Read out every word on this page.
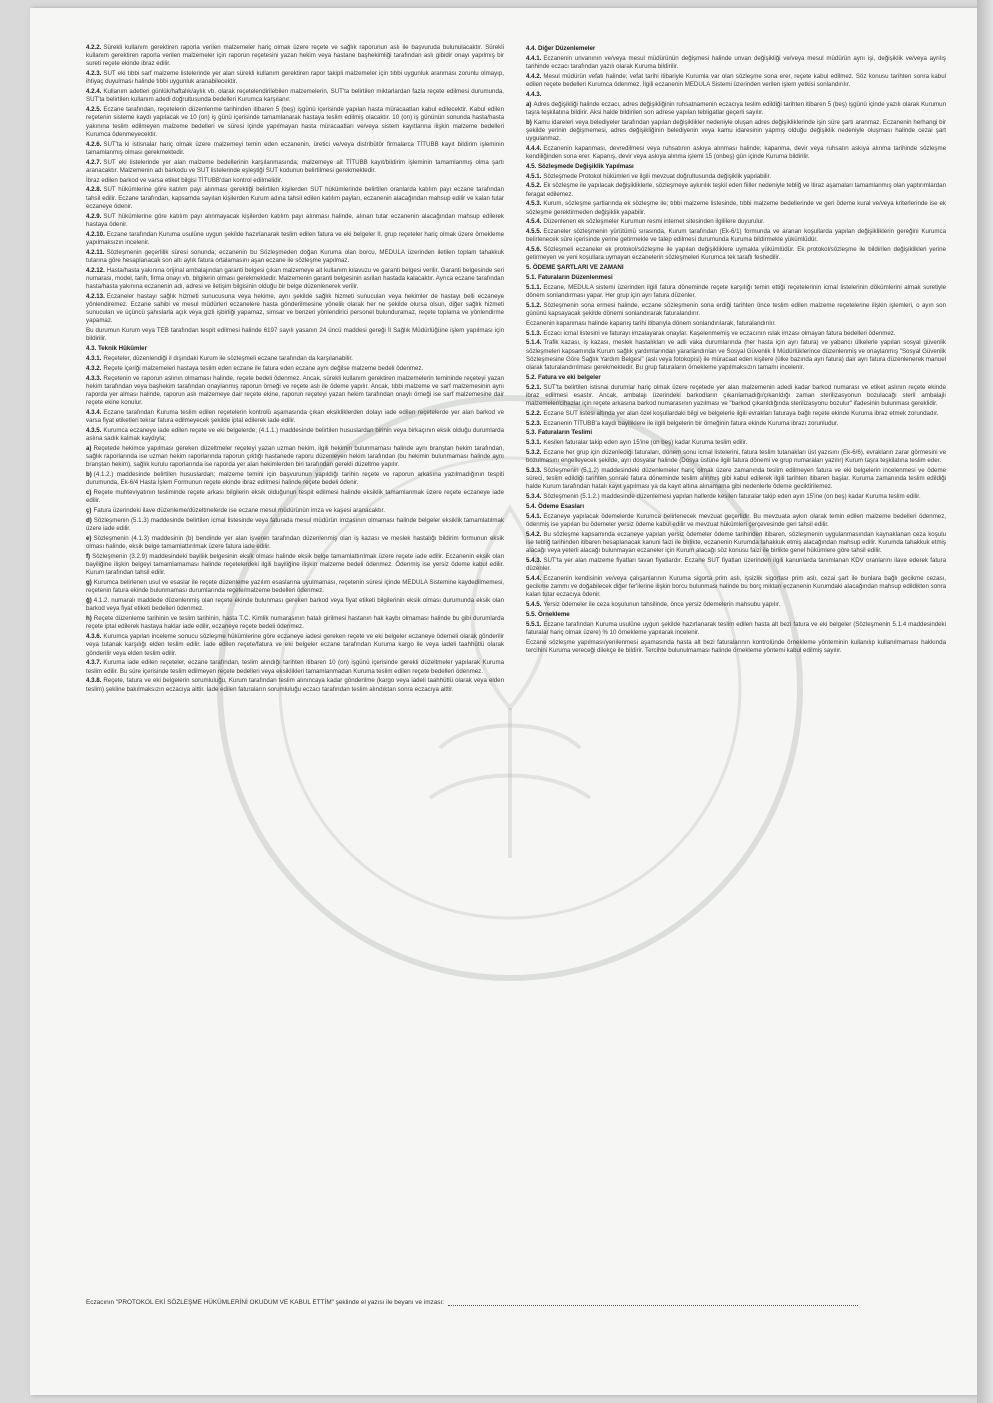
4.2.2. Sürekli kullanım gerektiren raporla verilen malzemeler hariç olmak üzere reçete ve sağlık raporunun aslı ile başvuruda bulunulacaktır. Sürekli kullanım gerektiren raporla verilen malzemeler için raporun reçetesini yazan hekim veya hastane başhekimliği tarafından aslı gibidir onayı yapılmış bir sureti reçete ekinde ibraz edilir.

4.2.3. SUT eki tıbbi sarf malzeme listelerinde yer alan sürekli kullanım gerektiren rapor takipli malzemeler için tıbbi uygunluk aranması zorunlu olmayıp, ihtiyaç duyulması halinde tıbbi uygunluk aranabilecektir.

4.2.4. Kullanım adetleri günlük/haftalık/aylık vb. olarak reçetelendirilebilen malzemelerin, SUT'ta belirtilen miktarlardan fazla reçete edilmesi durumunda, SUT'ta belirtilen kullanım adedi doğrultusunda bedelleri Kurumca karşılanır.

4.2.5. Eczane tarafından, reçetelerin düzenlenme tarihinden itibaren 5 (beş) işgünü içerisinde yapılan hasta müracaatları kabul edilecektir. Kabul edilen reçetenin sisteme kaydı yapılacak ve 10 (on) iş günü içerisinde tamamlanarak hastaya teslim edilmiş olacaktır. 10 (on) iş gününün sonunda hasta/hasta yakınına teslim edilmeyen malzeme bedelleri ve süresi içinde yapılmayan hasta müracaatları ve/veya sistem kayıtlarına ilişkin malzeme bedelleri Kurumca ödenmeyecektir.

4.2.6. SUT'ta ki istisnalar hariç olmak üzere malzemeyi temin eden eczanenin, üretici ve/veya distribütör firmalarca TİTUBB kayıt bildirim işleminin tamamlanmış olması gerekmektedir.

4.2.7. SUT eki listelerinde yer alan malzeme bedellerinin karşılanmasında; malzemeye ait TİTUBB kayıt/bildirim işleminin tamamlanmış olma şartı aranacaktır. Malzemenin adı barkodu ve SUT listelerinde eşleştiği SUT kodunun belirtilmesi gerekmektedir.

İbraz edilen barkod ve varsa etiket bilgisi TİTUBB'dan kontrol edilmelidir.

4.2.8. SUT hükümlerine göre katılım payı alınması gerektiği belirtilen kişilerden SUT hükümlerinde belirtilen oranlarda katılım payı eczane tarafından tahsil edilir. Eczane tarafından, kapsamda sayılan kişilerden Kurum adına tahsil edilen katılım payları, eczanenin alacağından mahsup edilir ve kalan tutar eczaneye ödenir.

4.2.9. SUT hükümlerine göre katılım payı alınmayacak kişilerden katılım payı alınması halinde, alınan tutar eczanenin alacağından mahsup edilerek hastaya ödenir.

4.2.10. Eczane tarafından Kuruma usulüne uygun şekilde hazırlanarak teslim edilen fatura ve eki belgeler II. grup reçeteler hariç olmak üzere örnekleme yapılmaksızın incelenir.

4.2.11. Sözleşmenin geçerlilik süresi sonunda; eczanenin bu Sözleşmeden doğan Kuruma olan borcu, MEDULA üzerinden iletilen toplam tahakkuk tutarına göre hesaplanacak son altı aylık fatura ortalamasını aşan eczane ile sözleşme yapılmaz.

4.2.12. Hasta/hasta yakınına orijinal ambalajından garanti belgesi çıkan malzemeye ait kullanım kılavuzu ve garanti belgesi verilir. Garanti belgesinde seri numarası, model, tarih, firma onayı vb. bilgilerin olması gerekmektedir. Malzemenin garanti belgesinin asılları hastada kalacaktır. Ayrıca eczane tarafından hasta/hasta yakınına eczanenin adı, adresi ve iletişim bilgisinin olduğu bir belge düzenlenerek verilir.

4.2.13. Eczaneler hastayı sağlık hizmeti sunucusuna veya hekime, aynı şekilde sağlık hizmeti sunucuları veya hekimler de hastayı belli eczaneye yönlendiremez. Eczane sahibi ve mesul müdürleri eczanelere hasta gönderilmesine yönelik olarak her ne şekilde olursa olsun, diğer sağlık hizmeti sunucuları ve üçüncü şahıslarla açık veya gizli işbirliği yapamaz, simsar ve benzeri yönlendirici personel bulunduramaz, reçete toplama ve yönlendirme yapamaz.

Bu durumun Kurum veya TEB tarafından tespit edilmesi halinde 6197 sayılı yasanın 24 üncü maddesi gereği İl Sağlık Müdürlüğüne işlem yapılması için bildirilir.

4.3. Teknik Hükümler

4.3.1. Reçeteler, düzenlendiği il dışındaki Kurum ile sözleşmeli eczane tarafından da karşılanabilir.

4.3.2. Reçete içeriği malzemeleri hastaya teslim eden eczane ile fatura eden eczane aynı değilse malzeme bedeli ödenmez.

4.3.3. Reçetenin ve raporun aslının olmaması halinde, reçete bedeli ödenmez. Ancak, sürekli kullanım gerektiren malzemelerin temininde reçeteyi yazan hekim tarafından veya başhekim tarafından onaylanmış raporun örneği ve reçete aslı ile ödeme yapılır. Ancak, tıbbi malzeme ve sarf malzemesinin aynı raporda yer alması halinde, raporun aslı malzemeye dair reçete ekine, raporun reçeteyi yazan hekim tarafından onaylı örneği ise sarf malzemesine dair reçete ekine konulur.

4.3.4. Eczane tarafından Kuruma teslim edilen reçetelerin kontrolü aşamasında çıkan eksikliklerden dolayı iade edilen reçetelerde yer alan barkod ve varsa fiyat etiketleri tekrar fatura edilmeyecek şekilde iptal edilerek iade edilir.

4.3.5. Kurumca eczaneye iade edilen reçete ve eki belgelerde; (4.1.1.) maddesinde belirtilen hususlardan birinin veya birkaçının eksik olduğu durumlarda aslına sadık kalmak kaydıyla;

a) Reçetede hekimce yapılması gereken düzeltmeler reçeteyi yazan uzman hekim, ilgili hekimin bulunmaması halinde aynı branştan hekim tarafından, sağlık raporlarında ise uzman hekim raporlarında raporun çıktığı hastanede raporu düzenleyen hekim tarafından (bu hekimin bulunmaması halinde aynı branştan hekim), sağlık kurulu raporlarında ise raporda yer alan hekimlerden biri tarafından gerekli düzeltme yapılır.

b) (4.1.2.) maddesinde belirtilen hususlardan; malzeme temini için başvurunun yapıldığı tarihin reçete ve raporun arkasına yazılmadığının tespiti durumunda, Ek-6/4 Hasta İşlem Formunun reçete ekinde ibraz edilmesi halinde reçete bedeli ödenir.

c) Reçete muhteviyatının tesliminde reçete arkası bilgilerin eksik olduğunun tespit edilmesi halinde eksiklik tamamlanmak üzere reçete eczaneye iade edilir.

ç) Fatura üzerindeki ilave düzenleme/düzeltmelerde ise eczane mesul müdürünün imza ve kaşesi aranacaktır.

d) Sözleşmenin (5.1.3) maddesinde belirtilen icmal listesinde veya faturada mesul müdürün imzasının olmaması halinde belgeler eksiklik tamamlatılmak üzere iade edilir.

e) Sözleşmenin (4.1.3) maddesinin (b) bendinde yer alan işveren tarafından düzenlenmiş olan iş kazası ve meslek hastalığı bildirim formunun eksik olması halinde, eksik belge tamamlattırılmak üzere fatura iade edilir.

f) Sözleşmenin (3.2.9) maddesindeki bayiliik belgesinin eksik olması halinde eksik belge tamamlattırılmak üzere reçete iade edilir. Eczanenin eksik olan bayiliğine ilişkin belgeyi tamamlamaması halinde reçetelerdeki ilgili bayiliğine ilişkin malzeme bedeli ödenmez. Ödenmiş ise yersiz ödeme kabul edilir. Kurum tarafından tahsil edilir.

g) Kurumca belirlenen usul ve esaslar ile reçete düzenleme yazılım esaslarına uyulmaması, reçetenin süresi içinde MEDULA Sistemine kaydedilmemesi, reçetenin fatura ekinde bulunmaması durumlarında reçete/malzeme bedelleri ödenmez.

ğ) 4.1.2. numaralı maddede düzenlenmiş olan reçete ekinde bulunması gereken barkod veya fiyat etiketi bilgilerinin eksik olması durumunda eksik olan barkod veya fiyat etiketi bedelleri ödenmez.

h) Reçete düzenleme tarihinin ve teslim tarihinin, hasta T.C. Kimlik numarasının hatalı girilmesi hastanın hak kaybı olmaması halinde bu gibi durumlarda reçete iptal edilerek hastaya haklar iade edilir, eczaneye reçete bedeli ödenmez.

4.3.6. Kurumca yapılan inceleme sonucu sözleşme hükümlerine göre eczaneye iadesi gereken reçete ve eki belgeler eczaneye ödemeli olarak gönderilir veya tutanak karşılığı elden teslim edilir. İade edilen reçete/fatura ve eki belgeler eczane tarafından Kuruma kargo ile veya iadeli taahhütlü olarak gönderilir veya elden teslim edilir.

4.3.7. Kuruma iade edilen reçeteler, eczane tarafından, teslim alındığı tarihten itibaren 10 (on) işgünü içerisinde gerekli düzeltmeler yapılarak Kuruma teslim edilir. Bu süre içerisinde teslim edilmeyen reçete bedelleri veya eksiklikleri tamamlanmadan Kuruma teslim edilen reçete bedelleri ödenmez.

4.3.8. Reçete, fatura ve eki belgelerin sorumluluğu, Kurum tarafından teslim alınıncaya kadar gönderilme (kargo veya iadeli taahhütlü olarak veya elden teslim) şekline bakılmaksızın eczacıya aittir. İade edilen faturaların sorumluluğu eczacı tarafından teslim alındıktan sonra eczacıya aittir.

4.4. Diğer Düzenlemeler

4.4.1. Eczanenin unvanının ve/veya mesul müdürünün değişmesi halinde unvan değişikliği ve/veya mesul müdürün aynı işi, değişiklik ve/veya ayrılış tarihinde eczacı tarafından yazılı olarak Kuruma bildirilir.

4.4.2. Mesul müdürün vefatı halinde; vefat tarihi itibariyle Kurumla var olan sözleşme sona erer, reçete kabul edilmez. Söz konusu tarihten sonra kabul edilen reçete bedelleri Kurumca ödenmez. İlgili eczanenin MEDULA Sistemi üzerinden verilen işlem yetkisi sonlandırılır.

4.4.3.

a) Adres değişikliği halinde eczacı, adres değişikliğinin ruhsatnamenin eczacıya teslim edildiği tarihten itibaren 5 (beş) işgünü içinde yazılı olarak Kurumun taşra teşkilatına bildirir. Aksi halde bildirilen son adrese yapılan tebligatlar geçerli sayılır.

b) Kamu idareleri veya belediyeler tarafından yapılan değişiklikler nedeniyle oluşan adres değişikliklerinde işin süre şartı aranmaz. Eczanenin herhangi bir şekilde yerinin değişmemesi, adres değişikliğinin belediyenin veya kamu idaresinin yapmış olduğu değişiklik nedeniyle oluşması halinde cezai şart uygulanmaz.

4.4.4. Eczanenin kapanması, devredilmesi veya ruhsatının askıya alınması halinde; kapanma, devir veya ruhsatın askıya alınma tarihinde sözleşme kendiliğinden sona erer. Kapanış, devir veya askıya alınma işlemi 15 (onbeş) gün içinde Kuruma bildirilir.

4.5. Sözleşmede Değişiklik Yapılması

4.5.1. Sözleşmede Protokol hükümleri ve ilgili mevzuat doğrultusunda değişiklik yapılabilir.

4.5.2. Ek sözleşme ile yapılacak değişikliklerle, sözleşmeye aykırılık teşkil eden fiiller nedeniyle tebliğ ve itiraz aşamaları tamamlanmış olan yaptırımlardan feragat edilemez.

4.5.3. Kurum, sözleşme şartlarında ek sözleşme ile; tıbbi malzeme listesinde, tıbbi malzeme bedellerinde ve geri ödeme kural ve/veya kriterlerinde ise ek sözleşme gerektirmeden değişiklik yapabilir.

4.5.4. Düzenlenen ek sözleşmeler Kurumun resmi internet sitesinden ilgililere duyurulur.

4.5.5. Eczaneler sözleşmenin yürütümü sırasında, Kurum tarafından (Ek-6/1) formunda ve aranan koşullarda yapılan değişikliklerin gereğini Kurumca belirlenecek süre içerisinde yerine getirmekle ve talep edilmesi durumunda Kuruma bildirmekle yükümlüdür.

4.5.6. Sözleşmeli eczaneler ek protokol/sözleşme ile yapılan değişikliklere uymakla yükümlüdür. Ek protokol/sözleşme ile bildirilen değişiklikleri yerine getirmeyen ve yeni koşullara uymayan eczanelerin sözleşmeleri Kurumca tek taraflı feshedilir.

5. ÖDEME ŞARTLARI VE ZAMANI

5.1. Faturaların Düzenlenmesi

5.1.1. Eczane, MEDULA sistemi üzerinden ilgili fatura döneminde reçete karşılığı temin ettiği reçetelerinin icmal listelerinin dökümlerini almak suretiyle dönem sonlandırması yapar. Her grup için ayrı fatura düzenler.

5.1.2. Sözleşmenin sona ermesi halinde, eczane sözleşmenin sona erdiği tarihten önce teslim edilen malzeme reçetelerine ilişkin işlemleri, o ayın son gününü kapsayacak şekilde dönemi sonlandırarak faturalandırır.

Eczanenin kapanması halinde kapanış tarihi itibarıyla dönem sonlandırılarak, faturalandırılır.

5.1.3. Eczacı icmal listesini ve faturayı imzalayarak onaylar. Kaşelenmemiş ve eczacının ıslak imzası olmayan fatura bedelleri ödenmez.

5.1.4. Trafik kazası, iş kazası, meslek hastalıkları ve adli vaka durumlarında (her hasta için ayrı fatura) ve yabancı ülkelerle yapılan sosyal güvenlik sözleşmeleri kapsamında Kurum sağlık yardımlarından yararlandırılan ve Sosyal Güvenlik İl Müdürlüklerince düzenlenmiş ve onaylanmış "Sosyal Güvenlik Sözleşmesine Göre Sağlık Yardım Belgesi" (aslı veya fotokopisi) ile müracaat eden kişilere (ülke bazında ayrı fatura) dair ayrı fatura düzenlenerek manuel olarak faturalandırılması gerekmektedir. Bu grup faturaların örnekleme yapılmaksızın tamamı incelenir.

5.2. Fatura ve eki belgeler

5.2.1. SUT'ta belirtilen istisnai durumlar hariç olmak üzere reçetede yer alan malzemenin adedi kadar barkod numarası ve etiket aslının reçete ekinde ibraz edilmesi esastır. Ancak, ambalajı üzerindeki barkodların çıkarılamadığı/çıkarıldığı zaman sterilizasyonun bozulacağı steril ambalajlı malzemeler/cihazlar için reçete arkasına barkod numarasının yazılması ve "barkod çıkarıldığında sterilizasyonu bozulur" ifadesinin bulunması gereklidir.

5.2.2. Eczane SUT listesi altında yer alan özel koşullardaki bilgi ve belgelerle ilgili evrakları faturaya bağlı reçete ekinde Kuruma ibraz etmek zorundadır.

5.2.3. Eczanenin TİTUBB'a kaydı bayiliklere ile ilgili belgelerin bir örneğinin fatura ekinde Kuruma ibrazı zorunludur.

5.3. Faturaların Teslimi

5.3.1. Kesilen faturalar takip eden ayın 15'ine (on beş) kadar Kuruma teslim edilir.

5.3.2. Eczane her grup için düzenlediği faturaları, dönem sonu icmal listelerini, fatura teslim tutanakları üst yazısını (Ek-6/6), evrakların zarar görmesini ve bozulmasını engelleyecek şekilde, ayrı dosyalar halinde (Dosya üstüne ilgili fatura dönemi ve grup numaraları yazılır) Kurum taşra teşkilatına teslim eder.

5.3.3. Sözleşmenin (5.1.2) maddesindeki düzenlemeler hariç olmak üzere zamanında teslim edilmeyen fatura ve eki belgelerin incelenmesi ve ödeme süreci, teslim edildiği tarihten sonraki fatura döneminde teslim alınmış gibi kabul edilerek ilgili tarihten itibaren başlar. Kuruma zamanında teslim edildiği halde Kurum tarafından hatalı kayıt yapılması ya da kayıt altına alınamama gibi nedenlerle ödeme geciktirilemez.

5.3.4. Sözleşmenin (5.1.2.) maddesinde düzenlemesi yapılan hallerde kesilen faturalar takip eden ayın 15'ine (on beş) kadar Kuruma teslim edilir.

5.4. Ödeme Esasları

5.4.1. Eczaneye yapılacak ödemelerde Kurumca belirlenecek mevzuat geçerlidir. Bu mevzuata aykırı olarak temin edilen malzeme bedelleri ödenmez, ödenmiş ise yapılan bu ödemeler yersiz ödeme kabul edilir ve mevzuat hükümleri çerçevesinde geri tahsil edilir.

5.4.2. Bu sözleşme kapsamında eczaneye yapılan yersiz ödemeler ödeme tarihinden itibaren, sözleşmenin uygulanmasından kaynaklanan ceza koşulu ise tebliğ tarihinden itibaren hesaplanacak kanuni faizi ile birlikte, eczanenin Kurumda tahakkuk etmiş alacağından mahsup edilir. Kurumda tahakkuk etmiş alacağı veya yeterli alacağı bulunmayan eczaneler için Kurum alacağı söz konusu faizi ile birlikte genel hükümlere göre tahsil edilir.

5.4.3. SUT'ta yer alan malzeme fiyatları tavan fiyatlardır. Eczane SUT fiyatları üzerinden ilgili kanunlarda tanımlanan KDV oranlarını ilave ederek fatura düzenler.

5.4.4. Eczanenin kendisinin ve/veya çalışanlarının Kuruma sigorta prim aslı, işsizlik sigortası prim aslı, cezai şart ile bunlara bağlı gecikme cezası, gecikme zammı ve doğabilecek diğer fer'ilerine ilişkin borcu bulunması halinde bu borç miktarı eczanenin Kurumdaki alacağından mahsup edildikten sonra kalan tutar eczacıya ödenir.

5.4.5. Yersiz ödemeler ile ceza koşulunun tahsilinde, önce yersiz ödemelerin mahsubu yapılır.

5.5. Örnekleme

5.5.1. Eczane tarafından Kuruma usulüne uygun şekilde hazırlanarak teslim edilen hasta alt bezi fatura ve eki belgeler (Sözleşmenin 5.1.4 maddesindeki faturalar hariç olmak üzere) % 10 örnekleme yapılarak incelenir.

Eczane sözleşme yapılması/yenilenmesi aşamasında hasta alt bezi faturalarının kontrolünde örnekleme yönteminin kullanılıp kullanılmaması hakkında tercihini Kuruma vereceği dilekçe ile bildirir. Tercihte bulunulmaması halinde örnekleme yöntemi kabul edilmiş sayılır.

Eczacının "PROTOKOL EKİ SÖZLEŞME HÜKÜMLERİNİ OKUDUM VE KABUL ETTİM" şeklinde el yazısı ile beyanı ve imzası:
